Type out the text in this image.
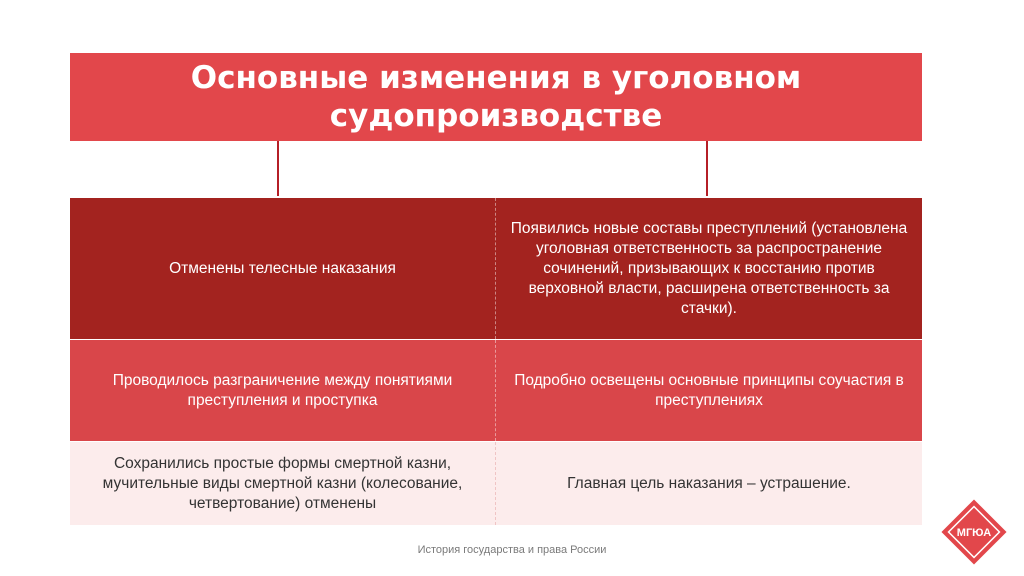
Основные изменения в уголовном судопроизводстве
Отменены телесные наказания
Появились новые составы преступлений (установлена уголовная ответственность за распространение сочинений, призывающих к восстанию против верховной власти, расширена ответственность за стачки).
Проводилось разграничение между понятиями преступления и проступка
Подробно освещены основные принципы соучастия в преступлениях
Сохранились простые формы смертной казни, мучительные виды смертной казни (колесование, четвертование) отменены
Главная цель наказания – устрашение.
История государства и права России
МГЮА
